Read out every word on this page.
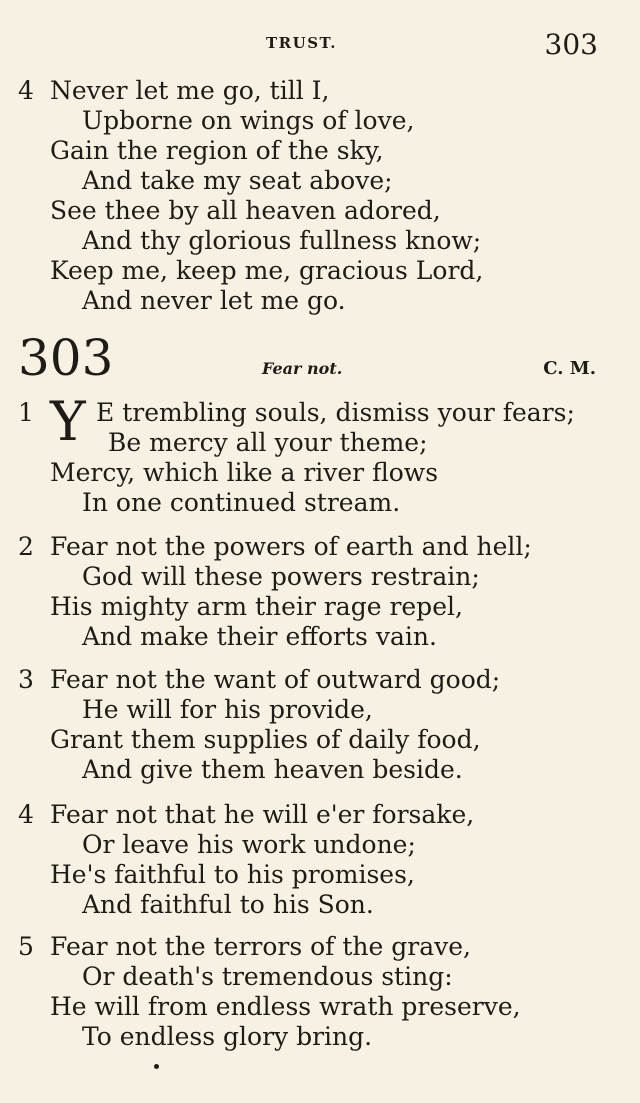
TRUST.	303
4 Never let me go, till I,
Upborne on wings of love,
Gain the region of the sky,
And take my seat above;
See thee by all heaven adored,
And thy glorious fullness know;
Keep me, keep me, gracious Lord,
And never let me go.
303	Fear not.	C. M.
1 E trembling souls, dismiss your fears;
Be mercy all your theme;
Mercy, which like a river flows
In one continued stream.
Y
2 Fear not the powers of earth and hell;
God will these powers restrain;
His mighty arm their rage repel,
And make their efforts vain.
3 Fear not the want of outward good;
He will for his provide,
Grant them supplies of daily food,
And give them heaven beside.
4 Fear not that he will e'er forsake,
Or leave his work undone;
He's faithful to his promises,
And faithful to his Son.
5 Fear not the terrors of the grave,
Or death's tremendous sting:
He will from endless wrath preserve,
To endless glory bring.
